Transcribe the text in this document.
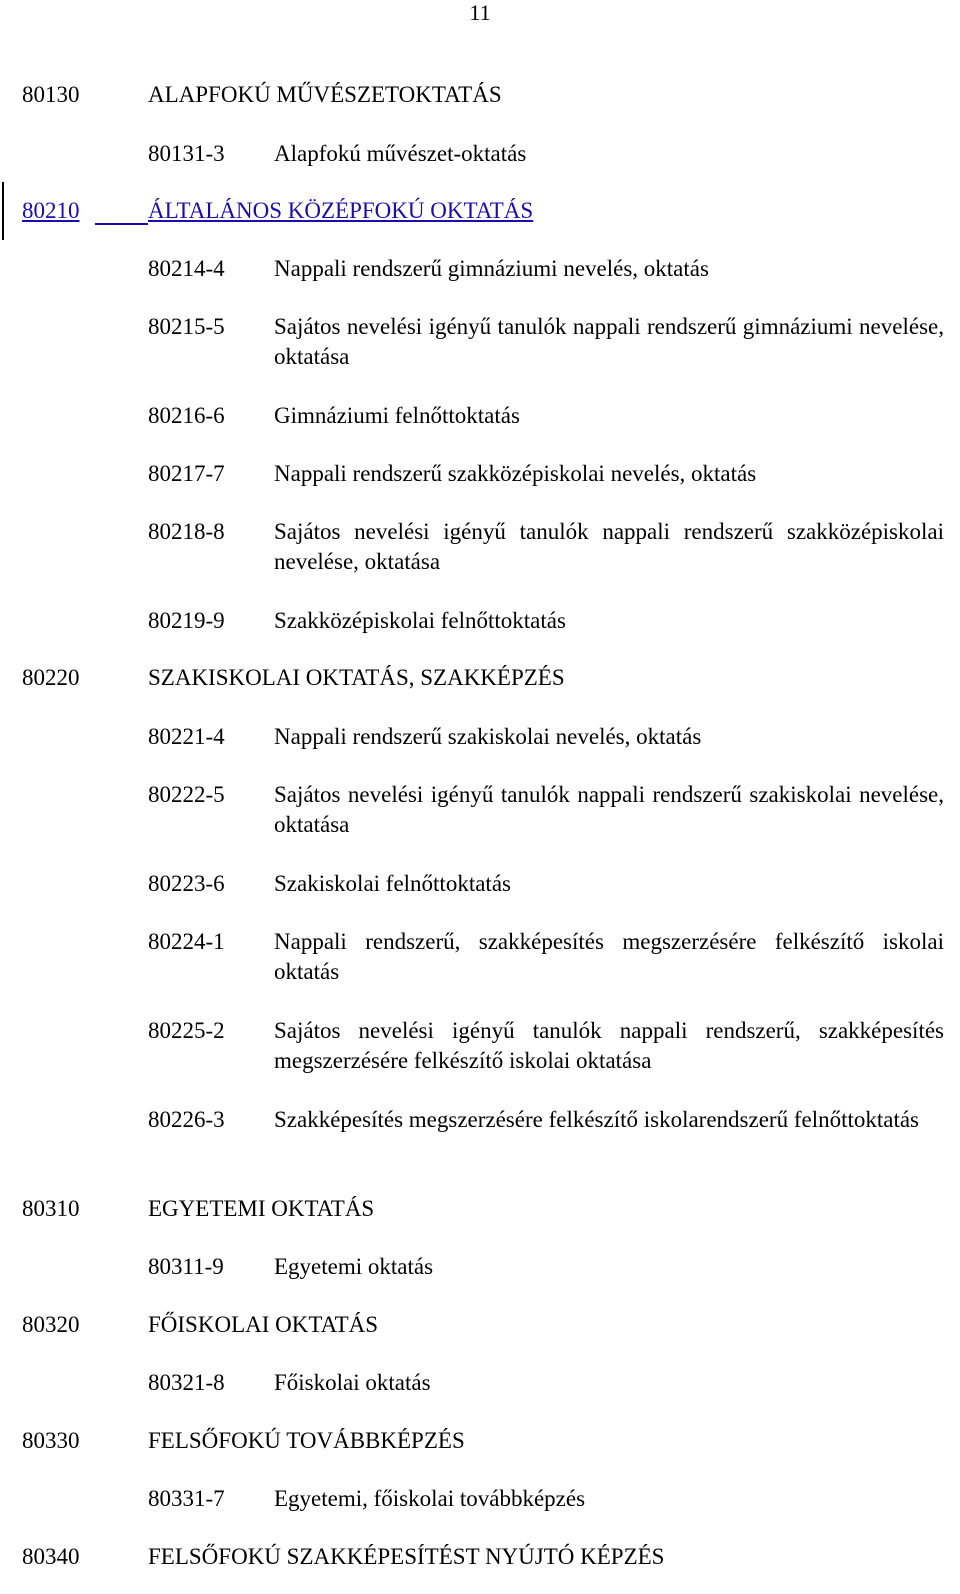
11
80130	ALAPFOKÚ MŰVÉSZETOKTATÁS
80131-3 Alapfokú művészet-oktatás
80210	ÁLTALÁNOS KÖZÉPFOKÚ OKTATÁS
80214-4 Nappali rendszerű gimnáziumi nevelés, oktatás
80215-5 Sajátos nevelési igényű tanulók nappali rendszerű gimnáziumi nevelése, oktatása
80216-6 Gimnáziumi felnőttoktatás
80217-7 Nappali rendszerű szakközépiskolai nevelés, oktatás
80218-8 Sajátos nevelési igényű tanulók nappali rendszerű szakközépiskolai nevelése, oktatása
80219-9 Szakközépiskolai felnőttoktatás
80220	SZAKISKOLAI OKTATÁS, SZAKKÉPZÉS
80221-4 Nappali rendszerű szakiskolai nevelés, oktatás
80222-5 Sajátos nevelési igényű tanulók nappali rendszerű szakiskolai nevelése, oktatása
80223-6 Szakiskolai felnőttoktatás
80224-1 Nappali rendszerű, szakképesítés megszerzésére felkészítő iskolai oktatás
80225-2 Sajátos nevelési igényű tanulók nappali rendszerű, szakképesítés megszerzésére felkészítő iskolai oktatása
80226-3 Szakképesítés megszerzésére felkészítő iskolarendszerű felnőttoktatás
80310	EGYETEMI OKTATÁS
80311-9 Egyetemi oktatás
80320	FŐISKOLAI OKTATÁS
80321-8 Főiskolai oktatás
80330	FELSŐFOKÚ TOVÁBBKÉPZÉS
80331-7 Egyetemi, főiskolai továbbképzés
80340	FELSŐFOKÚ SZAKKÉPESÍTÉST NYÚJTÓ KÉPZÉS
